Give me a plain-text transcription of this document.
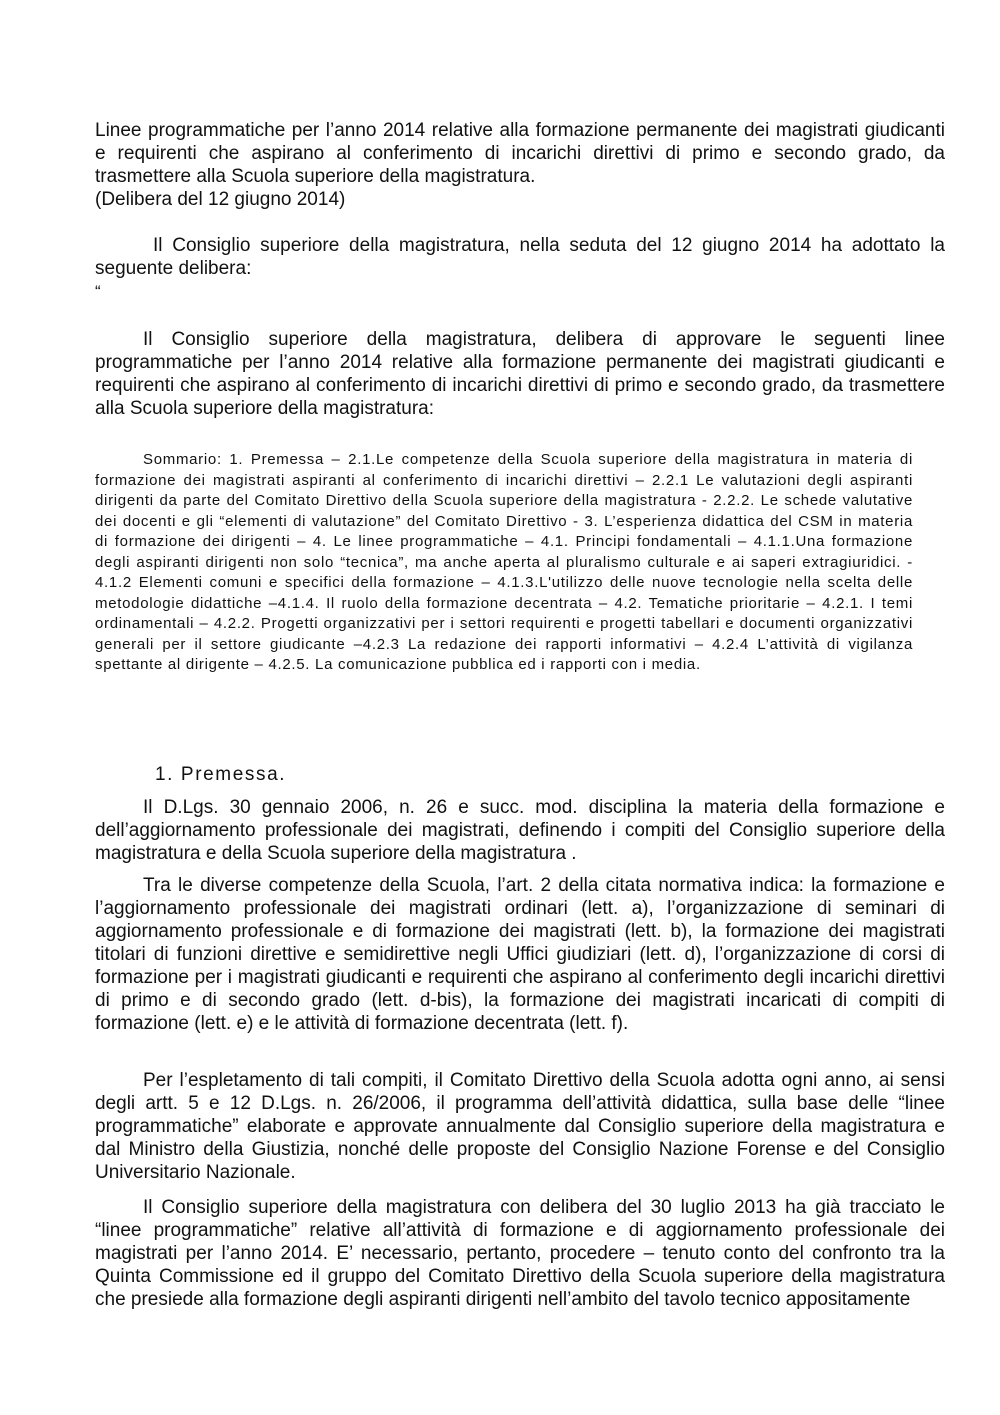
Linee programmatiche per l’anno 2014 relative alla formazione permanente dei magistrati giudicanti e requirenti che aspirano al conferimento di incarichi direttivi di primo e secondo grado, da trasmettere alla Scuola superiore della magistratura.

(Delibera del 12 giugno 2014)

Il Consiglio superiore della magistratura, nella seduta del 12 giugno 2014 ha adottato la seguente delibera:

“

Il Consiglio superiore della magistratura, delibera di approvare le seguenti linee programmatiche per l’anno 2014 relative alla formazione permanente dei magistrati giudicanti e requirenti che aspirano al conferimento di incarichi direttivi di primo e secondo grado, da trasmettere alla Scuola superiore della magistratura:

Sommario: 1. Premessa – 2.1.Le competenze della Scuola superiore della magistratura in materia di formazione dei magistrati aspiranti al conferimento di incarichi direttivi – 2.2.1 Le valutazioni degli aspiranti dirigenti da parte del Comitato Direttivo della Scuola superiore della magistratura - 2.2.2. Le schede valutative dei docenti e gli “elementi di valutazione” del Comitato Direttivo - 3. L’esperienza didattica del CSM in materia di formazione dei dirigenti – 4. Le linee programmatiche – 4.1. Principi fondamentali – 4.1.1.Una formazione degli aspiranti dirigenti non solo “tecnica”, ma anche aperta al pluralismo culturale e ai saperi extragiuridici. - 4.1.2 Elementi comuni e specifici della formazione – 4.1.3.L'utilizzo delle nuove tecnologie nella scelta delle metodologie didattiche –4.1.4. Il ruolo della formazione decentrata – 4.2. Tematiche prioritarie – 4.2.1. I temi ordinamentali – 4.2.2. Progetti organizzativi per i settori requirenti e progetti tabellari e documenti organizzativi generali per il settore giudicante –4.2.3 La redazione dei rapporti informativi – 4.2.4 L’attività di vigilanza spettante al dirigente – 4.2.5. La comunicazione pubblica ed i rapporti con i media.

1. Premessa.

Il D.Lgs. 30 gennaio 2006, n. 26 e succ. mod. disciplina la materia della formazione e dell’aggiornamento professionale dei magistrati, definendo i compiti del Consiglio superiore della magistratura e della Scuola superiore della magistratura .

Tra le diverse competenze della Scuola, l’art. 2 della citata normativa indica: la formazione e l’aggiornamento professionale dei magistrati ordinari (lett. a), l’organizzazione di seminari di aggiornamento professionale e di formazione dei magistrati (lett. b), la formazione dei magistrati titolari di funzioni direttive e semidirettive negli Uffici giudiziari (lett. d), l’organizzazione di corsi di formazione per i magistrati giudicanti e requirenti che aspirano al conferimento degli incarichi direttivi di primo e di secondo grado (lett. d-bis), la formazione dei magistrati incaricati di compiti di formazione (lett. e) e le attività di formazione decentrata (lett. f).

Per l’espletamento di tali compiti, il Comitato Direttivo della Scuola adotta ogni anno, ai sensi degli artt. 5 e 12 D.Lgs. n. 26/2006, il programma dell’attività didattica, sulla base delle “linee programmatiche” elaborate e approvate annualmente dal Consiglio superiore della magistratura e dal Ministro della Giustizia, nonché delle proposte del Consiglio Nazione Forense e del Consiglio Universitario Nazionale.

Il Consiglio superiore della magistratura con delibera del 30 luglio 2013 ha già tracciato le “linee programmatiche” relative all’attività di formazione e di aggiornamento professionale dei magistrati per l’anno 2014. E’ necessario, pertanto, procedere – tenuto conto del confronto tra la Quinta Commissione ed il gruppo del Comitato Direttivo della Scuola superiore della magistratura che presiede alla formazione degli aspiranti dirigenti nell’ambito del tavolo tecnico appositamente
